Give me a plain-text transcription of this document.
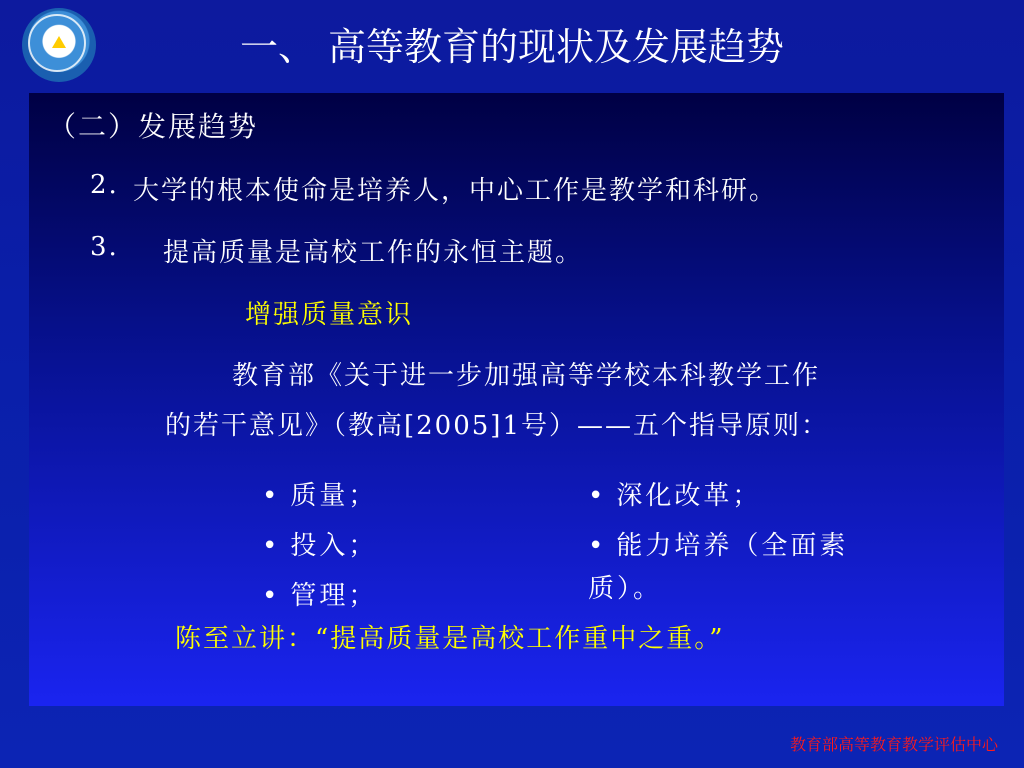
一、 高等教育的现状及发展趋势
（二）发展趋势
2. 大学的根本使命是培养人，中心工作是教学和科研。
3. 提高质量是高校工作的永恒主题。
增强质量意识
教育部《关于进一步加强高等学校本科教学工作
的若干意见》（教高[2005]1号）——五个指导原则：
• 质量；
• 投入；
• 管理；
• 深化改革；
• 能力培养（全面素
质）。
陈至立讲：“提高质量是高校工作重中之重。”
教育部高等教育教学评估中心
